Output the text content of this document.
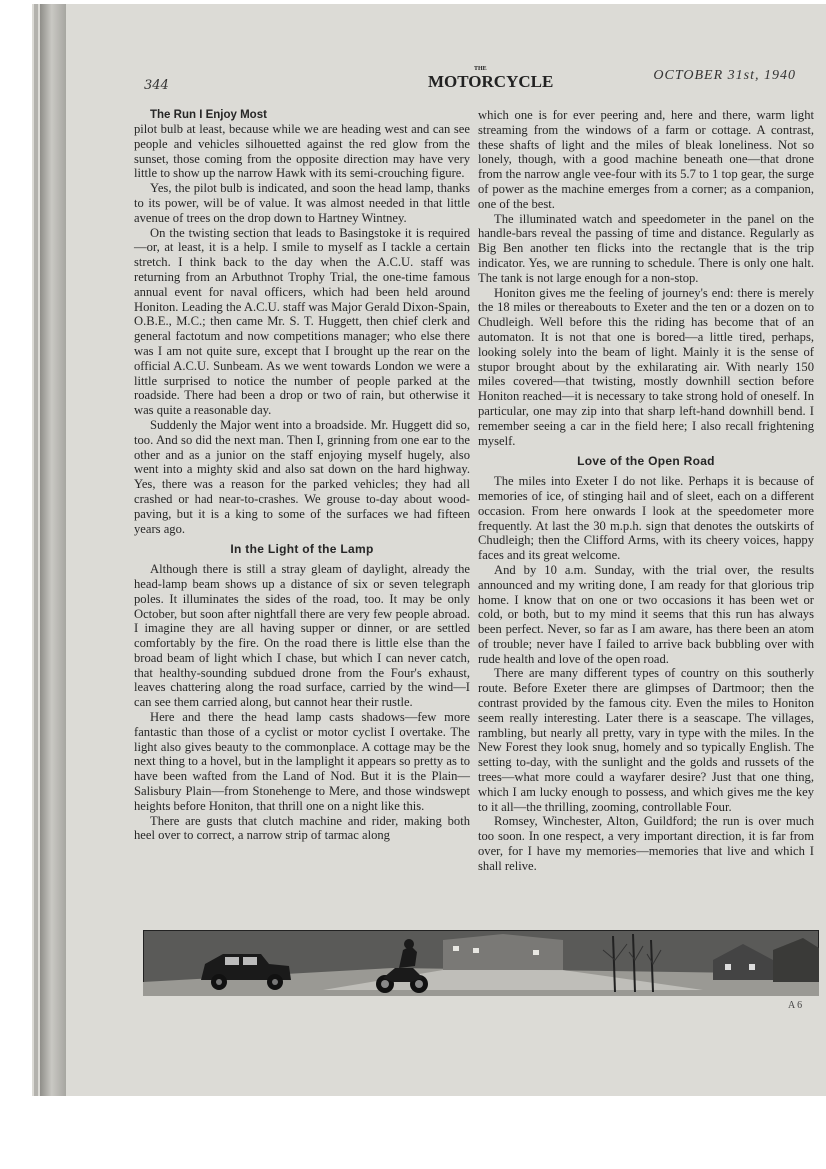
344
THE
MOTORCYCLE	OCTOBER 31st, 1940

The Run I Enjoy Most

pilot bulb at least, because while we are heading west and can see people and vehicles silhouetted against the red glow from the sunset, those coming from the opposite direction may have very little to show up the narrow Hawk with its semi-crouching figure.

Yes, the pilot bulb is indicated, and soon the head lamp, thanks to its power, will be of value. It was almost needed in that little avenue of trees on the drop down to Hartney Wintney.

On the twisting section that leads to Basingstoke it is required—or, at least, it is a help. I smile to myself as I tackle a certain stretch. I think back to the day when the A.C.U. staff was returning from an Arbuthnot Trophy Trial, the one-time famous annual event for naval officers, which had been held around Honiton. Leading the A.C.U. staff was Major Gerald Dixon-Spain, O.B.E., M.C.; then came Mr. S. T. Huggett, then chief clerk and general factotum and now competitions manager; who else there was I am not quite sure, except that I brought up the rear on the official A.C.U. Sunbeam. As we went towards London we were a little surprised to notice the number of people parked at the roadside. There had been a drop or two of rain, but otherwise it was quite a reasonable day.

Suddenly the Major went into a broadside. Mr. Huggett did so, too. And so did the next man. Then I, grinning from one ear to the other and as a junior on the staff enjoying myself hugely, also went into a mighty skid and also sat down on the hard highway. Yes, there was a reason for the parked vehicles; they had all crashed or had near-to-crashes. We grouse to-day about wood-paving, but it is a king to some of the surfaces we had fifteen years ago.

In the Light of the Lamp

Although there is still a stray gleam of daylight, already the head-lamp beam shows up a distance of six or seven telegraph poles. It illuminates the sides of the road, too. It may be only October, but soon after nightfall there are very few people abroad. I imagine they are all having supper or dinner, or are settled comfortably by the fire. On the road there is little else than the broad beam of light which I chase, but which I can never catch, that healthy-sounding subdued drone from the Four's exhaust, leaves chattering along the road surface, carried by the wind—I can see them carried along, but cannot hear their rustle.

Here and there the head lamp casts shadows—few more fantastic than those of a cyclist or motor cyclist I overtake. The light also gives beauty to the commonplace. A cottage may be the next thing to a hovel, but in the lamplight it appears so pretty as to have been wafted from the Land of Nod. But it is the Plain—Salisbury Plain—from Stonehenge to Mere, and those windswept heights before Honiton, that thrill one on a night like this.

There are gusts that clutch machine and rider, making both heel over to correct, a narrow strip of tarmac along

which one is for ever peering and, here and there, warm light streaming from the windows of a farm or cottage. A contrast, these shafts of light and the miles of bleak loneliness. Not so lonely, though, with a good machine beneath one—that drone from the narrow angle vee-four with its 5.7 to 1 top gear, the surge of power as the machine emerges from a corner; as a companion, one of the best.

The illuminated watch and speedometer in the panel on the handle-bars reveal the passing of time and distance. Regularly as Big Ben another ten flicks into the rectangle that is the trip indicator. Yes, we are running to schedule. There is only one halt. The tank is not large enough for a non-stop.

Honiton gives me the feeling of journey's end: there is merely the 18 miles or thereabouts to Exeter and the ten or a dozen on to Chudleigh. Well before this the riding has become that of an automaton. It is not that one is bored—a little tired, perhaps, looking solely into the beam of light. Mainly it is the sense of stupor brought about by the exhilarating air. With nearly 150 miles covered—that twisting, mostly downhill section before Honiton reached—it is necessary to take strong hold of oneself. In particular, one may zip into that sharp left-hand downhill bend. I remember seeing a car in the field here; I also recall frightening myself.

Love of the Open Road

The miles into Exeter I do not like. Perhaps it is because of memories of ice, of stinging hail and of sleet, each on a different occasion. From here onwards I look at the speedometer more frequently. At last the 30 m.p.h. sign that denotes the outskirts of Chudleigh; then the Clifford Arms, with its cheery voices, happy faces and its great welcome.

And by 10 a.m. Sunday, with the trial over, the results announced and my writing done, I am ready for that glorious trip home. I know that on one or two occasions it has been wet or cold, or both, but to my mind it seems that this run has always been perfect. Never, so far as I am aware, has there been an atom of trouble; never have I failed to arrive back bubbling over with rude health and love of the open road.

There are many different types of country on this southerly route. Before Exeter there are glimpses of Dartmoor; then the contrast provided by the famous city. Even the miles to Honiton seem really interesting. Later there is a seascape. The villages, rambling, but nearly all pretty, vary in type with the miles. In the New Forest they look snug, homely and so typically English. The setting to-day, with the sunlight and the golds and russets of the trees—what more could a wayfarer desire? Just that one thing, which I am lucky enough to possess, and which gives me the key to it all—the thrilling, zooming, controllable Four.

Romsey, Winchester, Alton, Guildford; the run is over much too soon. In one respect, a very important direction, it is far from over, for I have my memories—memories that live and which I shall relive.

A 6
